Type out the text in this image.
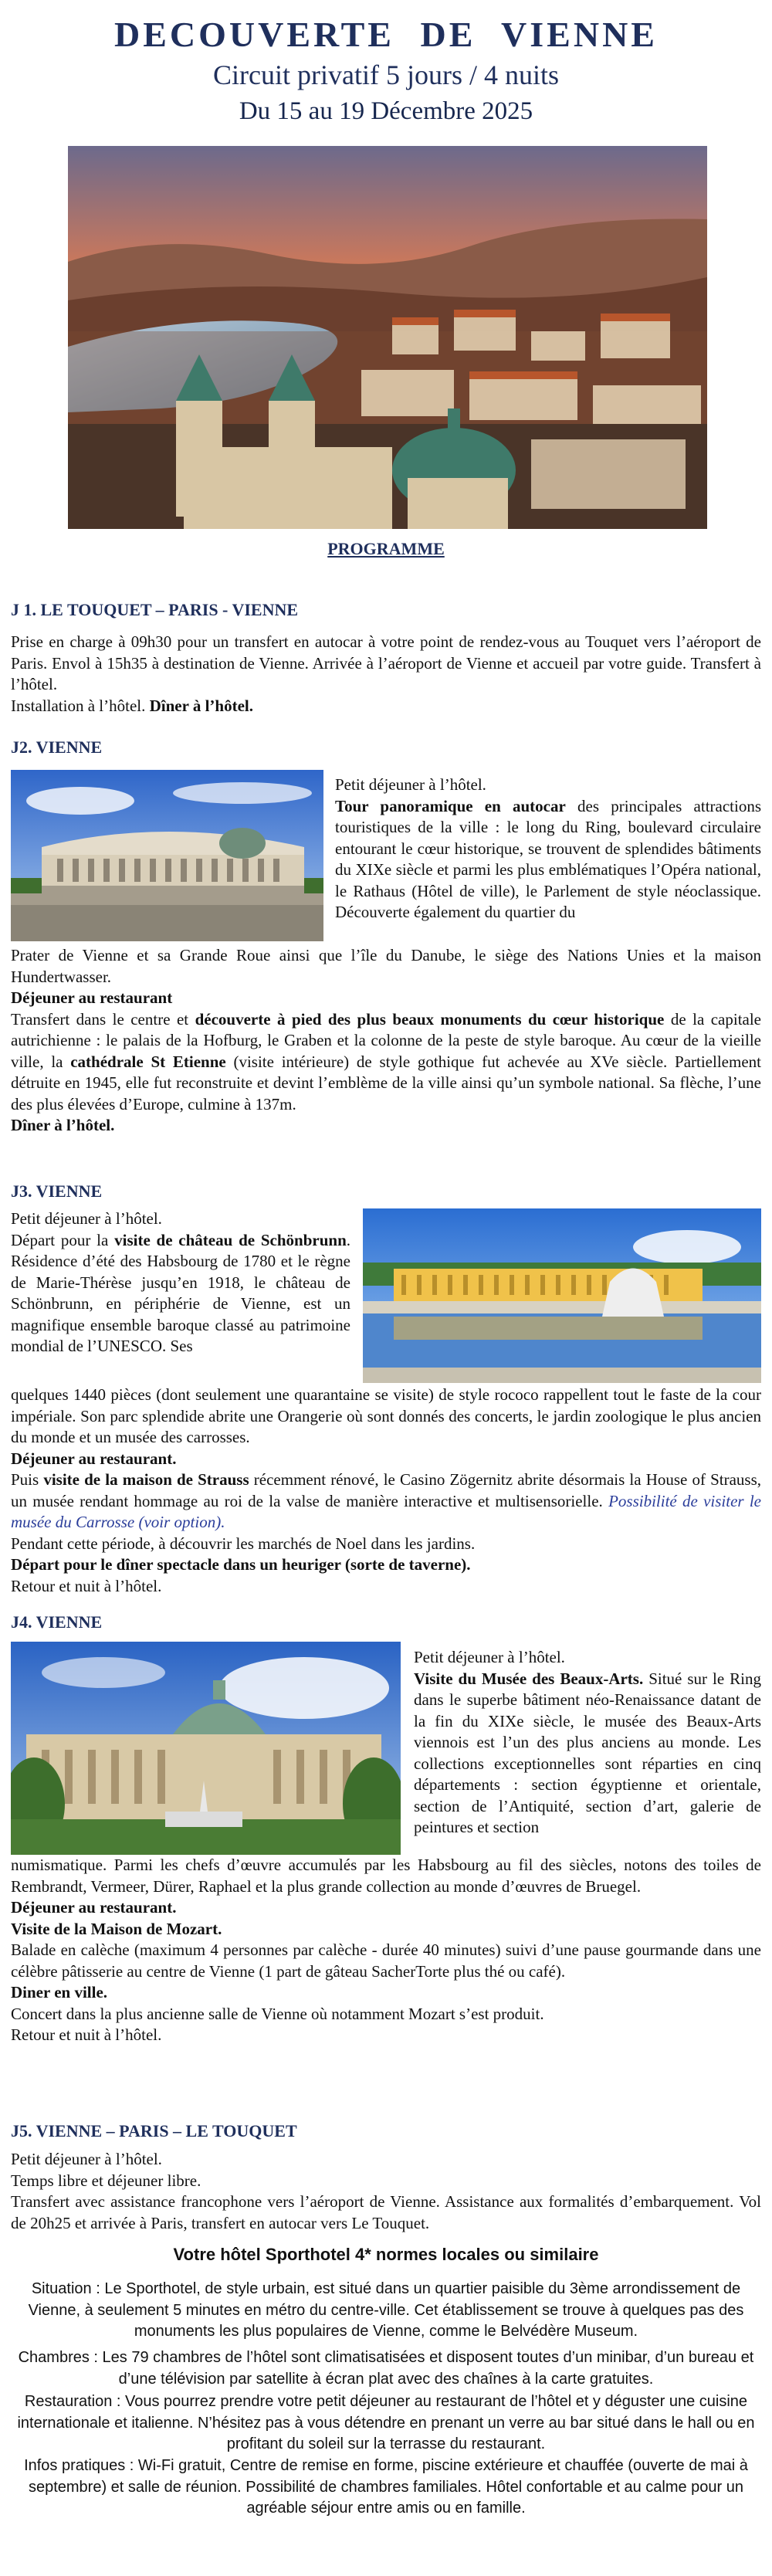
DECOUVERTE DE VIENNE
Circuit privatif 5 jours / 4 nuits
Du 15 au 19 Décembre 2025
PROGRAMME
J 1. LE TOUQUET – PARIS - VIENNE

Prise en charge à 09h30 pour un transfert en autocar à votre point de rendez-vous au Touquet vers l’aéroport de Paris. Envol à 15h35 à destination de Vienne. Arrivée à l’aéroport de Vienne et accueil par votre guide. Transfert à l’hôtel.
Installation à l’hôtel. Dîner à l’hôtel.

J2. VIENNE

Petit déjeuner à l’hôtel.
Tour panoramique en autocar des principales attractions touristiques de la ville : le long du Ring, boulevard circulaire entourant le cœur historique, se trouvent de splendides bâtiments du XIXe siècle et parmi les plus emblématiques l’Opéra national, le Rathaus (Hôtel de ville), le Parlement de style néoclassique. Découverte également du quartier du

Prater de Vienne et sa Grande Roue ainsi que l’île du Danube, le siège des Nations Unies et la maison Hundertwasser.
Déjeuner au restaurant
Transfert dans le centre et découverte à pied des plus beaux monuments du cœur historique de la capitale autrichienne : le palais de la Hofburg, le Graben et la colonne de la peste de style baroque. Au cœur de la vieille ville, la cathédrale St Etienne (visite intérieure) de style gothique fut achevée au XVe siècle. Partiellement détruite en 1945, elle fut reconstruite et devint l’emblème de la ville ainsi qu’un symbole national. Sa flèche, l’une des plus élevées d’Europe, culmine à 137m.
Dîner à l’hôtel.

J3. VIENNE

Petit déjeuner à l’hôtel.
Départ pour la visite de château de Schönbrunn. Résidence d’été des Habsbourg de 1780 et le règne de Marie-Thérèse jusqu’en 1918, le château de Schönbrunn, en périphérie de Vienne, est un magnifique ensemble baroque classé au patrimoine mondial de l’UNESCO. Ses

quelques 1440 pièces (dont seulement une quarantaine se visite) de style rococo rappellent tout le faste de la cour impériale. Son parc splendide abrite une Orangerie où sont donnés des concerts, le jardin zoologique le plus ancien du monde et un musée des carrosses.
Déjeuner au restaurant.
Puis visite de la maison de Strauss récemment rénové, le Casino Zögernitz abrite désormais la House of Strauss, un musée rendant hommage au roi de la valse de manière interactive et multisensorielle. Possibilité de visiter le musée du Carrosse (voir option).
Pendant cette période, à découvrir les marchés de Noel dans les jardins.
Départ pour le dîner spectacle dans un heuriger (sorte de taverne).
Retour et nuit à l’hôtel.

J4. VIENNE

Petit déjeuner à l’hôtel.
Visite du Musée des Beaux-Arts. Situé sur le Ring dans le superbe bâtiment néo-Renaissance datant de la fin du XIXe siècle, le musée des Beaux-Arts viennois est l’un des plus anciens au monde. Les collections exceptionnelles sont réparties en cinq départements : section égyptienne et orientale, section de l’Antiquité, section d’art, galerie de peintures et section

numismatique. Parmi les chefs d’œuvre accumulés par les Habsbourg au fil des siècles, notons des toiles de Rembrandt, Vermeer, Dürer, Raphael et la plus grande collection au monde d’œuvres de Bruegel.
Déjeuner au restaurant.
Visite de la Maison de Mozart.
Balade en calèche (maximum 4 personnes par calèche - durée 40 minutes) suivi d’une pause gourmande dans une célèbre pâtisserie au centre de Vienne (1 part de gâteau SacherTorte plus thé ou café).
Diner en ville.
Concert dans la plus ancienne salle de Vienne où notamment Mozart s’est produit.
Retour et nuit à l’hôtel.

J5. VIENNE – PARIS – LE TOUQUET

Petit déjeuner à l’hôtel.
Temps libre et déjeuner libre.
Transfert avec assistance francophone vers l’aéroport de Vienne. Assistance aux formalités d’embarquement. Vol de 20h25 et arrivée à Paris, transfert en autocar vers Le Touquet.

Votre hôtel Sporthotel 4* normes locales ou similaire

Situation : Le Sporthotel, de style urbain, est situé dans un quartier paisible du 3ème arrondissement de Vienne, à seulement 5 minutes en métro du centre-ville. Cet établissement se trouve à quelques pas des monuments les plus populaires de Vienne, comme le Belvédère Museum.

Chambres : Les 79 chambres de l’hôtel sont climatisatisées et disposent toutes d’un minibar, d’un bureau et d’une télévision par satellite à écran plat avec des chaînes à la carte gratuites.

Restauration : Vous pourrez prendre votre petit déjeuner au restaurant de l’hôtel et y déguster une cuisine internationale et italienne. N’hésitez pas à vous détendre en prenant un verre au bar situé dans le hall ou en profitant du soleil sur la terrasse du restaurant.

Infos pratiques : Wi-Fi gratuit, Centre de remise en forme, piscine extérieure et chauffée (ouverte de mai à septembre) et salle de réunion. Possibilité de chambres familiales. Hôtel confortable et au calme pour un agréable séjour entre amis ou en famille.
